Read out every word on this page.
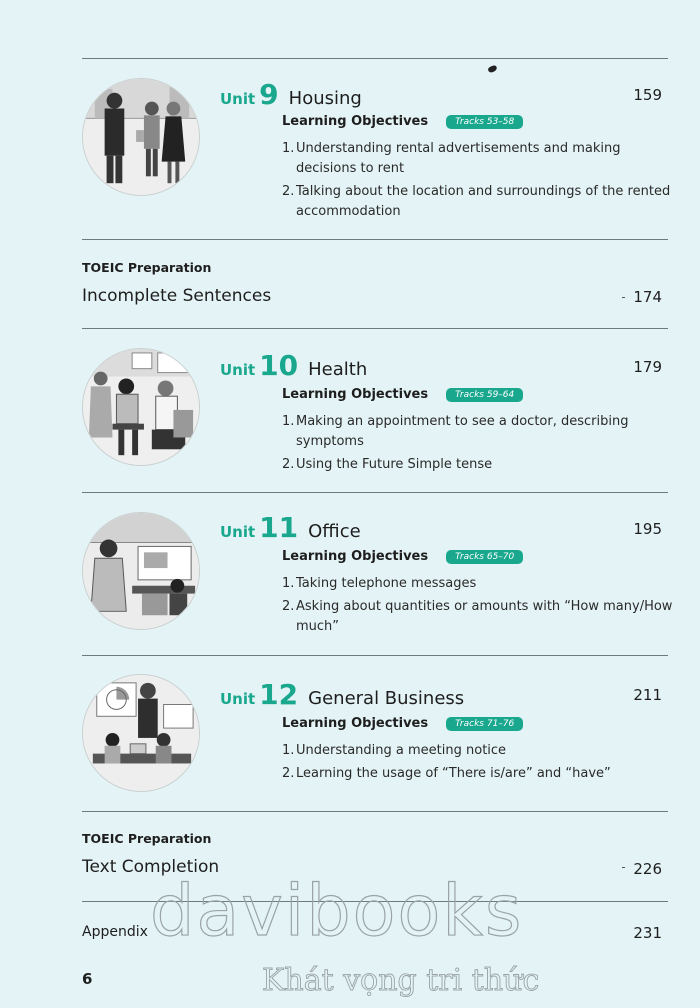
Unit 9 Housing	159
Learning Objectives	Tracks 53–58
1. Understanding rental advertisements and making decisions to rent
2. Talking about the location and surroundings of the rented accommodation
TOEIC Preparation
Incomplete Sentences	174
Unit 10 Health	179
Learning Objectives	Tracks 59–64
1. Making an appointment to see a doctor, describing symptoms
2. Using the Future Simple tense
Unit 11 Office	195
Learning Objectives	Tracks 65–70
1. Taking telephone messages
2. Asking about quantities or amounts with “How many/How much”
Unit 12 General Business	211
Learning Objectives	Tracks 71–76
1. Understanding a meeting notice
2. Learning the usage of “There is/are” and “have”
TOEIC Preparation
Text Completion	226
davibooks
Khát vọng tri thức
Appendix	231
6
